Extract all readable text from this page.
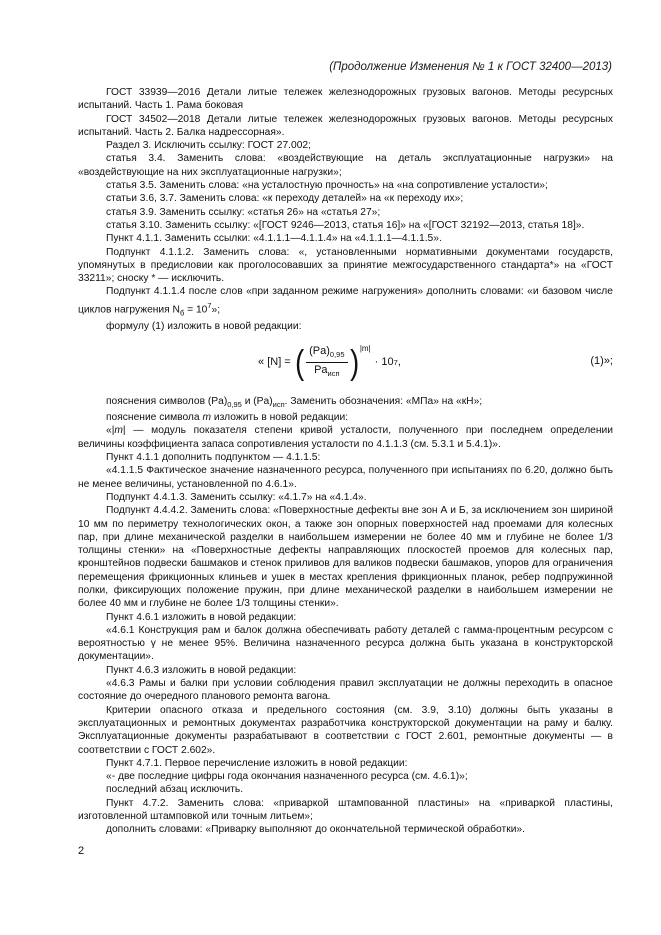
(Продолжение Изменения № 1 к ГОСТ 32400—2013)

ГОСТ 33939—2016 Детали литые тележек железнодорожных грузовых вагонов. Методы ресурсных испытаний. Часть 1. Рама боковая

ГОСТ 34502—2018 Детали литые тележек железнодорожных грузовых вагонов. Методы ресурсных испытаний. Часть 2. Балка надрессорная».

Раздел 3. Исключить ссылку: ГОСТ 27.002;

статья 3.4. Заменить слова: «воздействующие на деталь эксплуатационные нагрузки» на «воздействующие на них эксплуатационные нагрузки»;

статья 3.5. Заменить слова: «на усталостную прочность» на «на сопротивление усталости»;

статьи 3.6, 3.7. Заменить слова: «к переходу деталей» на «к переходу их»;

статья 3.9. Заменить ссылку: «статья 26» на «статья 27»;

статья 3.10. Заменить ссылку: «[ГОСТ 9246—2013, статья 16]» на «[ГОСТ 32192—2013, статья 18]».

Пункт 4.1.1. Заменить ссылки: «4.1.1.1—4.1.1.4» на «4.1.1.1—4.1.1.5».

Подпункт 4.1.1.2. Заменить слова: «, установленными нормативными документами государств, упомянутых в предисловии как проголосовавших за принятие межгосударственного стандарта*» на «ГОСТ 33211»; сноску * — исключить.

Подпункт 4.1.1.4 после слов «при заданном режиме нагружения» дополнить словами: «и базовом числе циклов нагружения $N_б = 10^7$»;

формулу (1) изложить в новой редакции:

«
[N] =
( $\frac{(Pa)_{0,95}}{Pa_{исп}}$ ) |m|
· 10 7 ,	(1)»;

пояснения символов $(Pa)_{0,95}$ и $(Pa)_{исп}$. Заменить обозначения: «МПа» на «кН»;

пояснение символа m изложить в новой редакции:

«|m| — модуль показателя степени кривой усталости, полученного при последнем определении величины коэффициента запаса сопротивления усталости по 4.1.1.3 (см. 5.3.1 и 5.4.1)».

Пункт 4.1.1 дополнить подпунктом — 4.1.1.5:

«4.1.1.5 Фактическое значение назначенного ресурса, полученного при испытаниях по 6.20, должно быть не менее величины, установленной по 4.6.1».

Подпункт 4.4.1.3. Заменить ссылку: «4.1.7» на «4.1.4».

Подпункт 4.4.4.2. Заменить слова: «Поверхностные дефекты вне зон А и Б, за исключением зон шириной 10 мм по периметру технологических окон, а также зон опорных поверхностей над проемами для колесных пар, при длине механической разделки в наибольшем измерении не более 40 мм и глубине не более 1/3 толщины стенки» на «Поверхностные дефекты направляющих плоскостей проемов для колесных пар, кронштейнов подвески башмаков и стенок приливов для валиков подвески башмаков, упоров для ограничения перемещения фрикционных клиньев и ушек в местах крепления фрикционных планок, ребер подпружинной полки, фиксирующих положение пружин, при длине механической разделки в наибольшем измерении не более 40 мм и глубине не более 1/3 толщины стенки».

Пункт 4.6.1 изложить в новой редакции:

«4.6.1 Конструкция рам и балок должна обеспечивать работу деталей с гамма-процентным ресурсом с вероятностью γ не менее 95%. Величина назначенного ресурса должна быть указана в конструкторской документации».

Пункт 4.6.3 изложить в новой редакции:

«4.6.3 Рамы и балки при условии соблюдения правил эксплуатации не должны переходить в опасное состояние до очередного планового ремонта вагона.

Критерии опасного отказа и предельного состояния (см. 3.9, 3.10) должны быть указаны в эксплуатационных и ремонтных документах разработчика конструкторской документации на раму и балку. Эксплуатационные документы разрабатывают в соответствии с ГОСТ 2.601, ремонтные документы — в соответствии с ГОСТ 2.602».

Пункт 4.7.1. Первое перечисление изложить в новой редакции:

«- две последние цифры года окончания назначенного ресурса (см. 4.6.1)»;

последний абзац исключить.

Пункт 4.7.2. Заменить слова: «приваркой штампованной пластины» на «приваркой пластины, изготовленной штамповкой или точным литьем»;

дополнить словами: «Приварку выполняют до окончательной термической обработки».

2
